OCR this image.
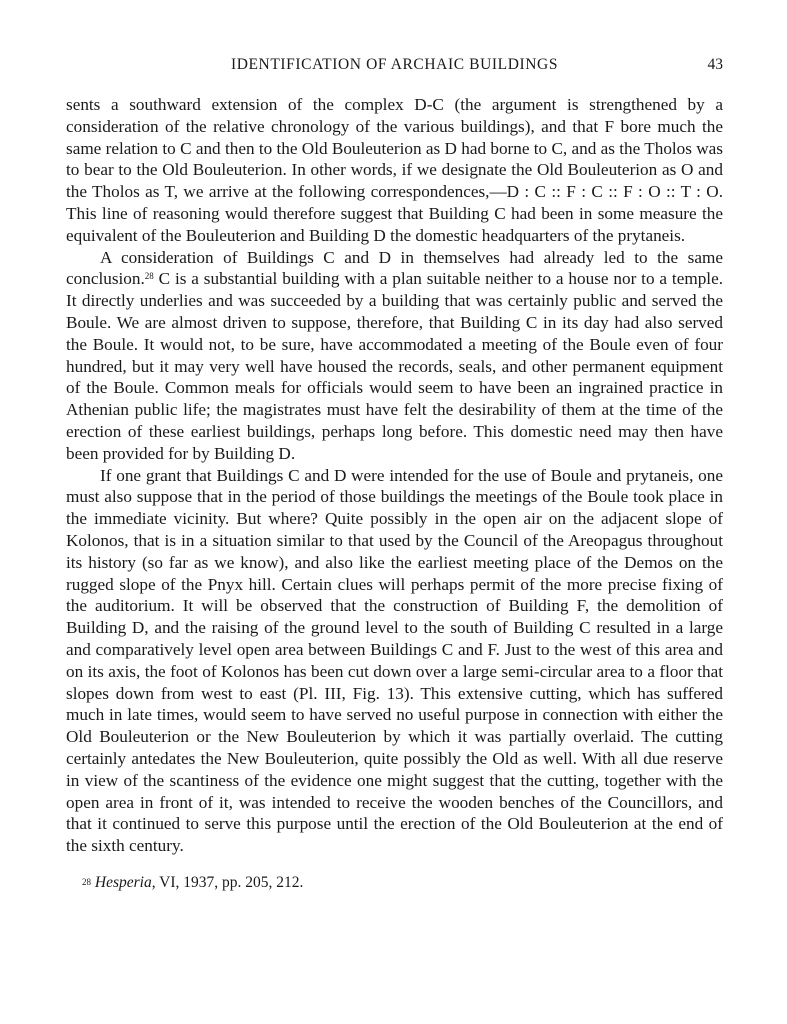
IDENTIFICATION OF ARCHAIC BUILDINGS	43

sents a southward extension of the complex D-C (the argument is strengthened by a consideration of the relative chronology of the various buildings), and that F bore much the same relation to C and then to the Old Bouleuterion as D had borne to C, and as the Tholos was to bear to the Old Bouleuterion. In other words, if we designate the Old Bouleuterion as O and the Tholos as T, we arrive at the following correspondences,—D : C :: F : C :: F : O :: T : O. This line of reasoning would therefore suggest that Building C had been in some measure the equivalent of the Bouleuterion and Building D the domestic headquarters of the prytaneis.

A consideration of Buildings C and D in themselves had already led to the same conclusion.$^{28}$ C is a substantial building with a plan suitable neither to a house nor to a temple. It directly underlies and was succeeded by a building that was certainly public and served the Boule. We are almost driven to suppose, therefore, that Building C in its day had also served the Boule. It would not, to be sure, have accommodated a meeting of the Boule even of four hundred, but it may very well have housed the records, seals, and other permanent equipment of the Boule. Common meals for officials would seem to have been an ingrained practice in Athenian public life; the magistrates must have felt the desirability of them at the time of the erection of these earliest buildings, perhaps long before. This domestic need may then have been provided for by Building D.

If one grant that Buildings C and D were intended for the use of Boule and prytaneis, one must also suppose that in the period of those buildings the meetings of the Boule took place in the immediate vicinity. But where? Quite possibly in the open air on the adjacent slope of Kolonos, that is in a situation similar to that used by the Council of the Areopagus throughout its history (so far as we know), and also like the earliest meeting place of the Demos on the rugged slope of the Pnyx hill. Certain clues will perhaps permit of the more precise fixing of the auditorium. It will be observed that the construction of Building F, the demolition of Building D, and the raising of the ground level to the south of Building C resulted in a large and comparatively level open area between Buildings C and F. Just to the west of this area and on its axis, the foot of Kolonos has been cut down over a large semi-circular area to a floor that slopes down from west to east (Pl. III, Fig. 13). This extensive cutting, which has suffered much in late times, would seem to have served no useful purpose in connection with either the Old Bouleuterion or the New Bouleuterion by which it was partially overlaid. The cutting certainly antedates the New Bouleuterion, quite possibly the Old as well. With all due reserve in view of the scantiness of the evidence one might suggest that the cutting, together with the open area in front of it, was intended to receive the wooden benches of the Councillors, and that it continued to serve this purpose until the erection of the Old Bouleuterion at the end of the sixth century.

$^{28}$ Hesperia, VI, 1937, pp. 205, 212.
